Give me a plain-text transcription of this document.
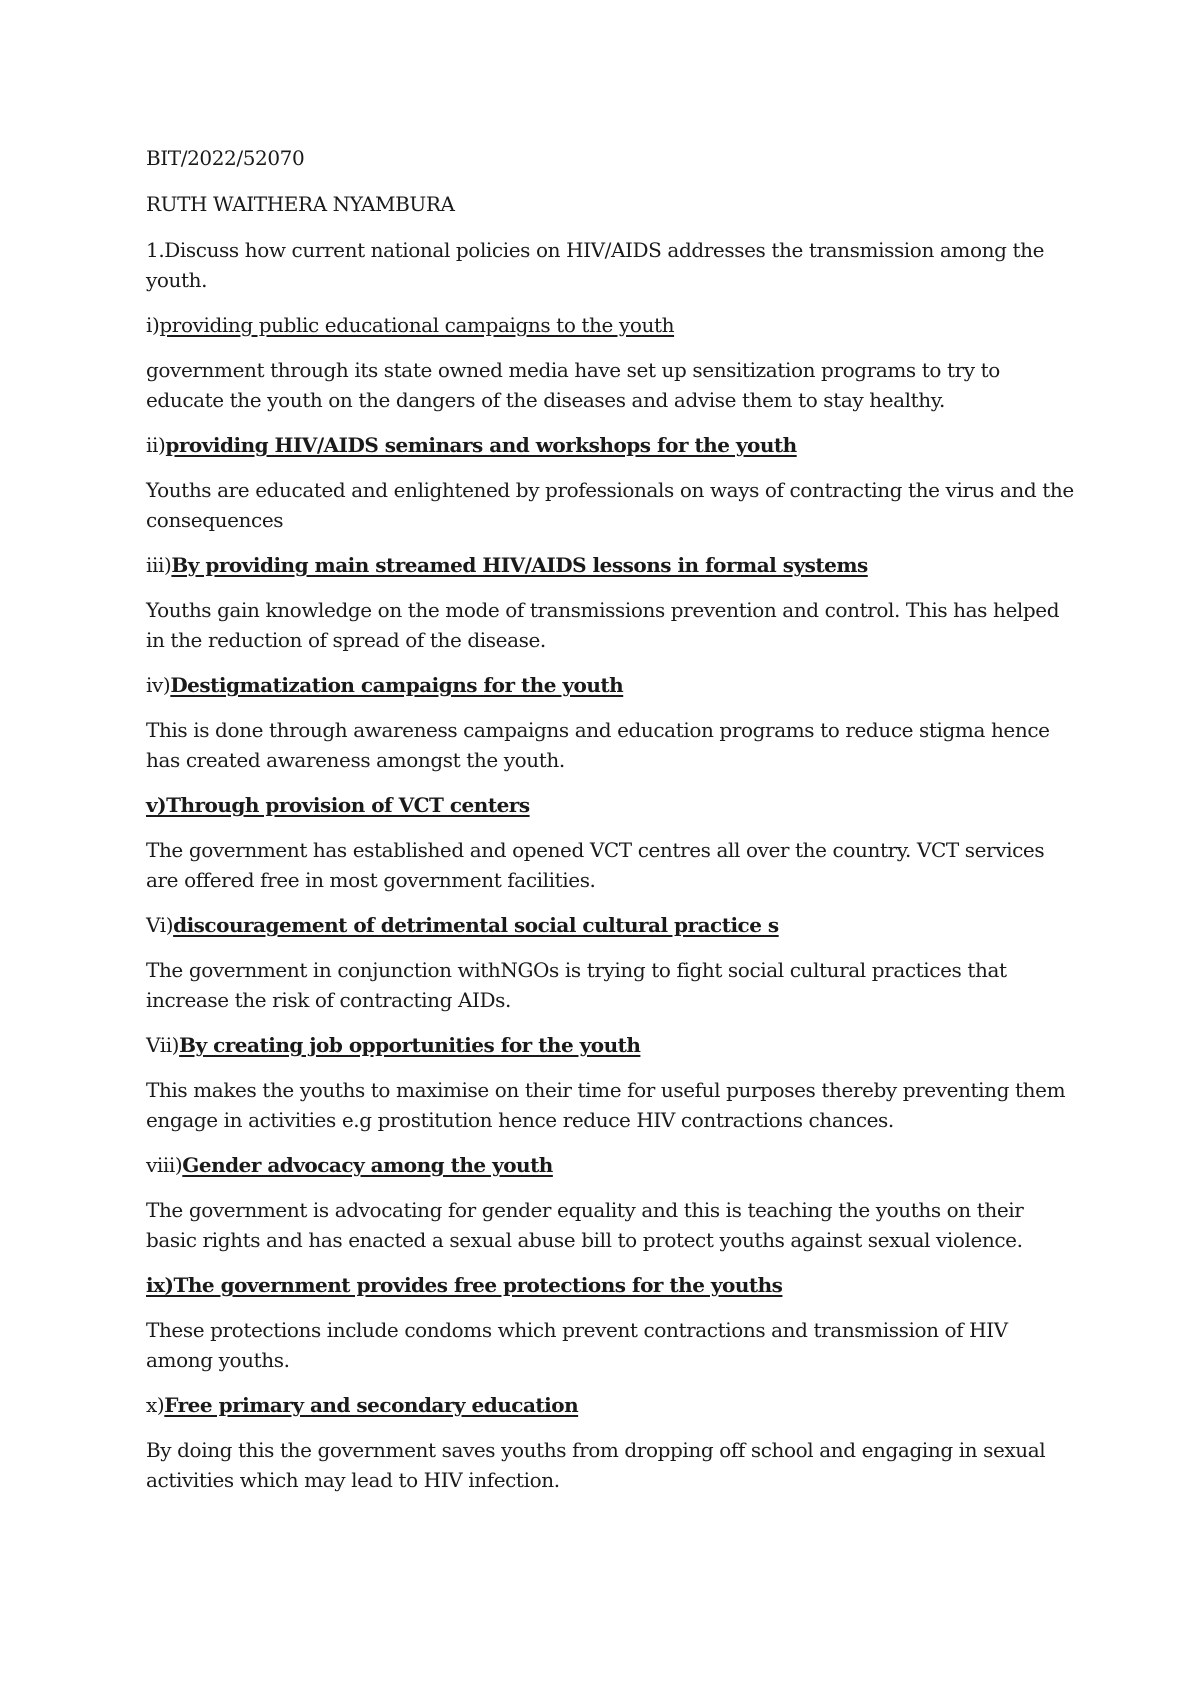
BIT/2022/52070

RUTH WAITHERA NYAMBURA

1.Discuss how current national policies on HIV/AIDS addresses the transmission among the youth.

i)providing public educational campaigns to the youth

government through its state owned media have set up sensitization programs to try to educate the youth on the dangers of the diseases and advise them to stay healthy.

ii)providing HIV/AIDS seminars and workshops for the youth

Youths are educated and enlightened by professionals on ways of contracting the virus and the consequences

iii)By providing main streamed HIV/AIDS lessons in formal systems

Youths gain knowledge on the mode of transmissions prevention and control. This has helped in the reduction of spread of the disease.

iv)Destigmatization campaigns for the youth

This is done through awareness campaigns and education programs to reduce stigma hence has created awareness amongst the youth.

v)Through provision of VCT centers

The government has established and opened VCT centres all over the country. VCT services are offered free in most government facilities.

Vi)discouragement of detrimental social cultural practice s

The government in conjunction withNGOs is trying to fight social cultural practices that increase the risk of contracting AIDs.

Vii)By creating job opportunities for the youth

This makes the youths to maximise on their time for useful purposes thereby preventing them engage in activities e.g prostitution hence reduce HIV contractions chances.

viii)Gender advocacy among the youth

The government is advocating for gender equality and this is teaching the youths on their basic rights and has enacted a sexual abuse bill to protect youths against sexual violence.

ix)The government provides free protections for the youths

These protections include condoms which prevent contractions and transmission of HIV among youths.

x)Free primary and secondary education

By doing this the government saves youths from dropping off school and engaging in sexual activities which may lead to HIV infection.
